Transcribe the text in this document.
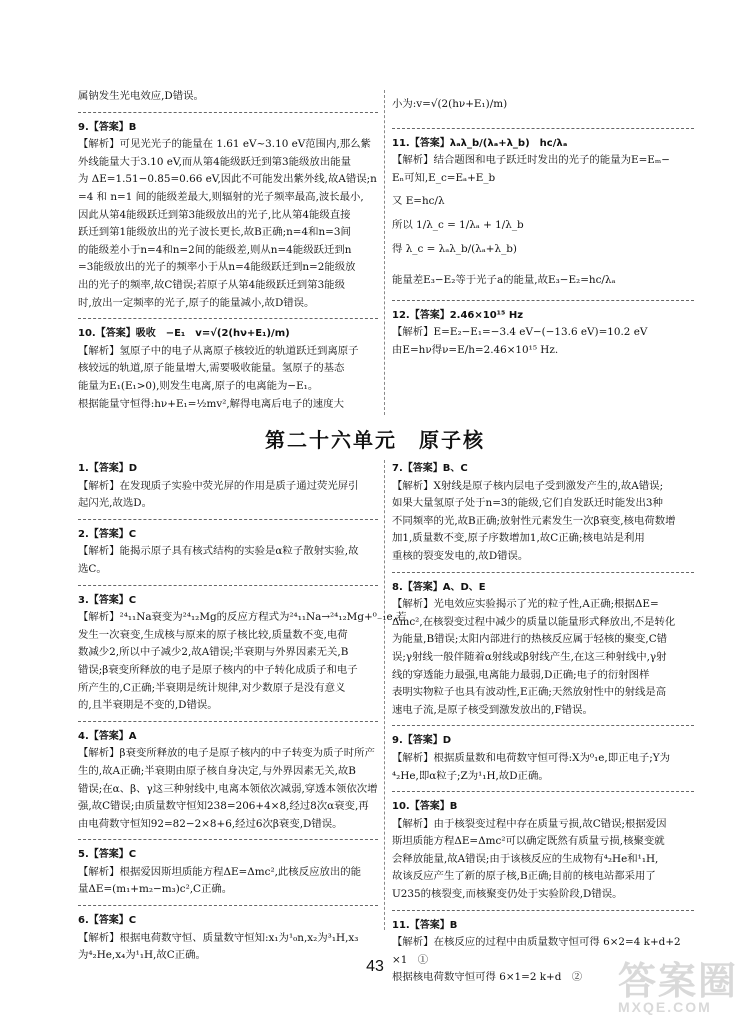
属钠发生光电效应,D错误。

9.【答案】B

【解析】可见光光子的能量在 1.61 eV~3.10 eV范围内,那么紫

外线能量大于3.10 eV,而从第4能级跃迁到第3能级放出能量

为 ΔE=1.51−0.85=0.66 eV,因此不可能发出紫外线,故A错误;n

=4 和 n=1 间的能级差最大,则辐射的光子频率最高,波长最小,

因此从第4能级跃迁到第3能级放出的光子,比从第4能级直接

跃迁到第1能级放出的光子波长更长,故B正确;n=4和n=3间

的能级差小于n=4和n=2间的能级差,则从n=4能级跃迁到n

=3能级放出的光子的频率小于从n=4能级跃迁到n=2能级放

出的光子的频率,故C错误;若原子从第4能级跃迁到第3能级

时,放出一定频率的光子,原子的能量减小,故D错误。

10.【答案】吸收　−E₁　v=√(2(hν+E₁)/m)

【解析】氢原子中的电子从离原子核较近的轨道跃迁到离原子

核较远的轨道,原子能量增大,需要吸收能量。氢原子的基态

能量为E₁(E₁>0),则发生电离,原子的电离能为−E₁。

根据能量守恒得:hν+E₁=½mv²,解得电离后电子的速度大

小为:v=√(2(hν+E₁)/m)

11.【答案】λₐλ_b/(λₐ+λ_b)　hc/λₐ

【解析】结合题图和电子跃迁时发出的光子的能量为E=Eₘ−

Eₙ可知,E_c=Eₐ+E_b

又 E=hc/λ

所以 1/λ_c = 1/λₐ + 1/λ_b

得 λ_c = λₐλ_b/(λₐ+λ_b)

能量差E₃−E₂等于光子a的能量,故E₃−E₂=hc/λₐ

12.【答案】2.46×10¹⁵ Hz

【解析】E=E₂−E₁=−3.4 eV−(−13.6 eV)=10.2 eV

由E=hν得ν=E/h=2.46×10¹⁵ Hz.

第二十六单元　原子核

1.【答案】D

【解析】在发现质子实验中荧光屏的作用是质子通过荧光屏引

起闪光,故选D。

2.【答案】C

【解析】能揭示原子具有核式结构的实验是α粒子散射实验,故

选C。

3.【答案】C

【解析】²⁴₁₁Na衰变为²⁴₁₂Mg的反应方程式为²⁴₁₁Na→²⁴₁₂Mg+⁰₋₁e,若

发生一次衰变,生成核与原来的原子核比较,质量数不变,电荷

数减少2,所以中子减少2,故A错误;半衰期与外界因素无关,B

错误;β衰变所释放的电子是原子核内的中子转化成质子和电子

所产生的,C正确;半衰期是统计规律,对少数原子是没有意义

的,且半衰期是不变的,D错误。

4.【答案】A

【解析】β衰变所释放的电子是原子核内的中子转变为质子时所产

生的,故A正确;半衰期由原子核自身决定,与外界因素无关,故B

错误;在α、β、γ这三种射线中,电离本领依次减弱,穿透本领依次增

强,故C错误;由质量数守恒知238=206+4×8,经过8次α衰变,再

由电荷数守恒知92=82−2×8+6,经过6次β衰变,D错误。

5.【答案】C

【解析】根据爱因斯坦质能方程ΔE=Δmc²,此核反应放出的能

量ΔE=(m₁+m₂−m₃)c²,C正确。

6.【答案】C

【解析】根据电荷数守恒、质量数守恒知:x₁为¹₀n,x₂为³₁H,x₃

为⁴₂He,x₄为¹₁H,故C正确。

7.【答案】B、C

【解析】X射线是原子核内层电子受到激发产生的,故A错误;

如果大量氢原子处于n=3的能级,它们自发跃迁时能发出3种

不同频率的光,故B正确;放射性元素发生一次β衰变,核电荷数增

加1,质量数不变,原子序数增加1,故C正确;核电站是利用

重核的裂变发电的,故D错误。

8.【答案】A、D、E

【解析】光电效应实验揭示了光的粒子性,A正确;根据ΔE=

Δmc²,在核裂变过程中减少的质量以能量形式释放出,不是转化

为能量,B错误;太阳内部进行的热核反应属于轻核的聚变,C错

误;γ射线一般伴随着α射线或β射线产生,在这三种射线中,γ射

线的穿透能力最强,电离能力最弱,D正确;电子的衍射图样

表明实物粒子也具有波动性,E正确;天然放射性中的射线是高

速电子流,是原子核受到激发放出的,F错误。

9.【答案】D

【解析】根据质量数和电荷数守恒可得:X为⁰₁e,即正电子;Y为

⁴₂He,即α粒子;Z为¹₁H,故D正确。

10.【答案】B

【解析】由于核裂变过程中存在质量亏损,故C错误;根据爱因

斯坦质能方程ΔE=Δmc²可以确定既然有质量亏损,核聚变就

会释放能量,故A错误;由于该核反应的生成物有⁴₂He和¹₁H,

故该反应产生了新的原子核,B正确;目前的核电站都采用了

U235的核裂变,而核聚变仍处于实验阶段,D错误。

11.【答案】B

【解析】在核反应的过程中由质量数守恒可得 6×2=4 k+d+2

×1　①

根据核电荷数守恒可得 6×1=2 k+d　②

43	答案圈
MXQE.COM
